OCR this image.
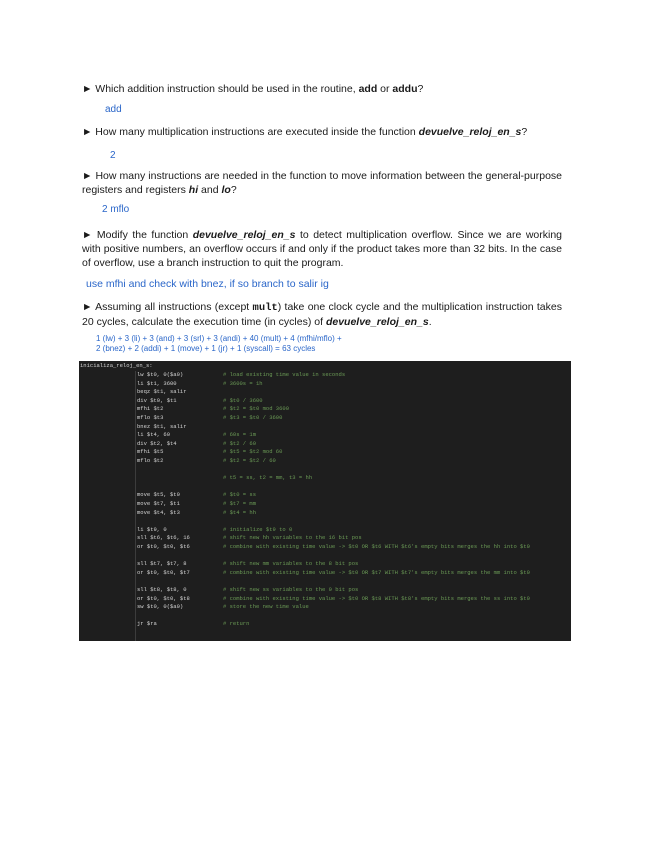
► Which addition instruction should be used in the routine, add or addu?
add
► How many multiplication instructions are executed inside the function devuelve_reloj_en_s?
2
► How many instructions are needed in the function to move information between the general-purpose registers and registers hi and lo?
2 mflo
► Modify the function devuelve_reloj_en_s to detect multiplication overflow. Since we are working with positive numbers, an overflow occurs if and only if the product takes more than 32 bits. In the case of overflow, use a branch instruction to quit the program.
use mfhi and check with bnez, if so branch to salir ig
► Assuming all instructions (except mult) take one clock cycle and the multiplication instruction takes 20 cycles, calculate the execution time (in cycles) of devuelve_reloj_en_s.
1 (lw) + 3 (li) + 3 (and) + 3 (srl) + 3 (andi) + 40 (mult) + 4 (mfhi/mflo) +
2 (bnez) + 2 (addi) + 1 (move) + 1 (jr) + 1 (syscall) = 63 cycles
inicializa_reloj_en_s:
lw $t0, 0($a0)	# load existing time value in seconds
li $t1, 3600	# 3600s = 1h
beqz $t1, salir
div $t0, $t1	# $t0 / 3600
mfhi $t2	# $t2 = $t0 mod 3600
mflo $t3	# $t3 = $t0 / 3600
bnez $t1, salir
li $t4, 60	# 60s = 1m
div $t2, $t4	# $t2 / 60
mfhi $t5	# $t5 = $t2 mod 60
mflo $t2	# $t2 = $t2 / 60
# t5 = ss, t2 = mm, t3 = hh
move $t5, $t0	# $t0 = ss
move $t7, $t1	# $t7 = mm
move $t4, $t3	# $t4 = hh
li $t9, 0	# initialize $t9 to 0
sll $t6, $t6, 16	# shift new hh variables to the 16 bit pos
or $t0, $t0, $t6	# combine with existing time value -> $t0 OR $t6 WITH $t6's empty bits merges the hh into $t0
sll $t7, $t7, 8	# shift new mm variables to the 8 bit pos
or $t0, $t0, $t7	# combine with existing time value -> $t0 OR $t7 WITH $t7's empty bits merges the mm into $t0
sll $t8, $t8, 0	# shift new ss variables to the 0 bit pos
or $t0, $t0, $t8	# combine with existing time value -> $t0 OR $t8 WITH $t8's empty bits merges the ss into $t0
sw $t0, 0($a0)	# store the new time value
jr $ra	# return
